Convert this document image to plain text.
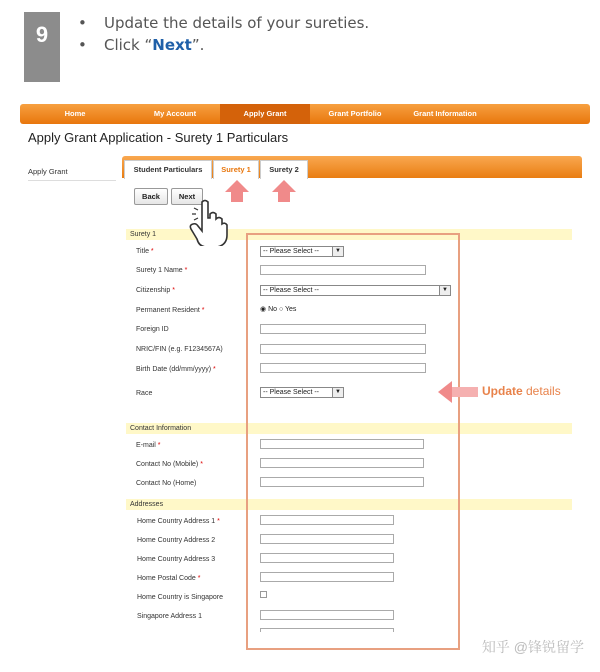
9
•	Update the details of your sureties.
• Click “Next”.
Home	My Account	Apply Grant	Grant Portfolio	Grant Information
Apply Grant Application - Surety 1 Particulars
Apply Grant	Student Particulars	Surety 1	Surety 2
Back	Next
Surety 1
Title *	-- Please Select --	▼
Surety 1 Name *
Citizenship *	-- Please Select --	▼
Permanent Resident *	◉ No ○ Yes
Foreign ID
NRIC/FIN (e.g. F1234567A)
Birth Date (dd/mm/yyyy) *
Race	-- Please Select --	▼
Contact Information
E-mail *
Contact No (Mobile) *
Contact No (Home)
Addresses
Home Country Address 1 *
Home Country Address 2
Home Country Address 3
Home Postal Code *
Home Country is Singapore
Singapore Address 1
Update details
知乎 @锋锐留学
